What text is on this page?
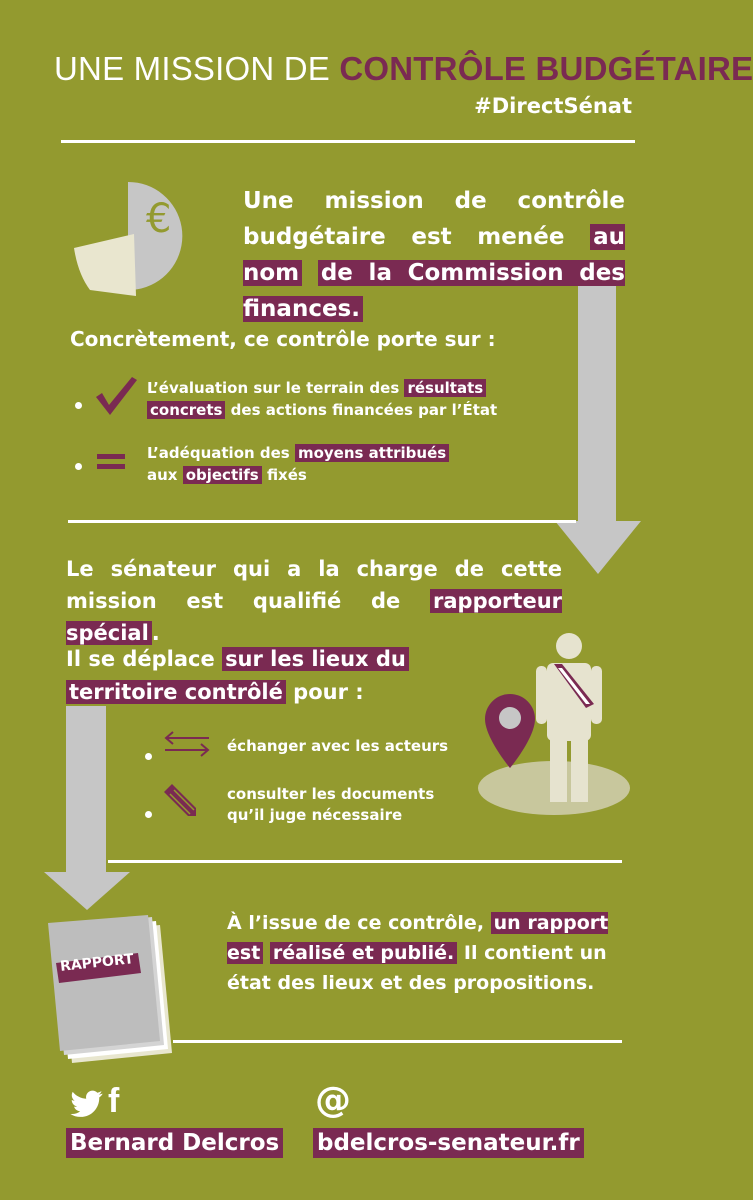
UNE MISSION DE CONTRÔLE BUDGÉTAIRE
#DirectSénat
€	Une mission de contrôle budgétaire est menée au nom de la Commission des finances.
Concrètement, ce contrôle porte sur :
L’évaluation sur le terrain des résultats
concrets des actions financées par l’État
L’adéquation des moyens attribués
aux objectifs fixés
Le sénateur qui a la charge de cette mission est qualifié de rapporteur spécial .
Il se déplace sur les lieux du
territoire contrôlé pour :
échanger avec les acteurs
consulter les documents
qu’il juge nécessaire
RAPPORT
À l’issue de ce contrôle, un rapport est réalisé et publié. Il contient un état des lieux et des propositions.
f	@
Bernard Delcros bdelcros-senateur.fr
